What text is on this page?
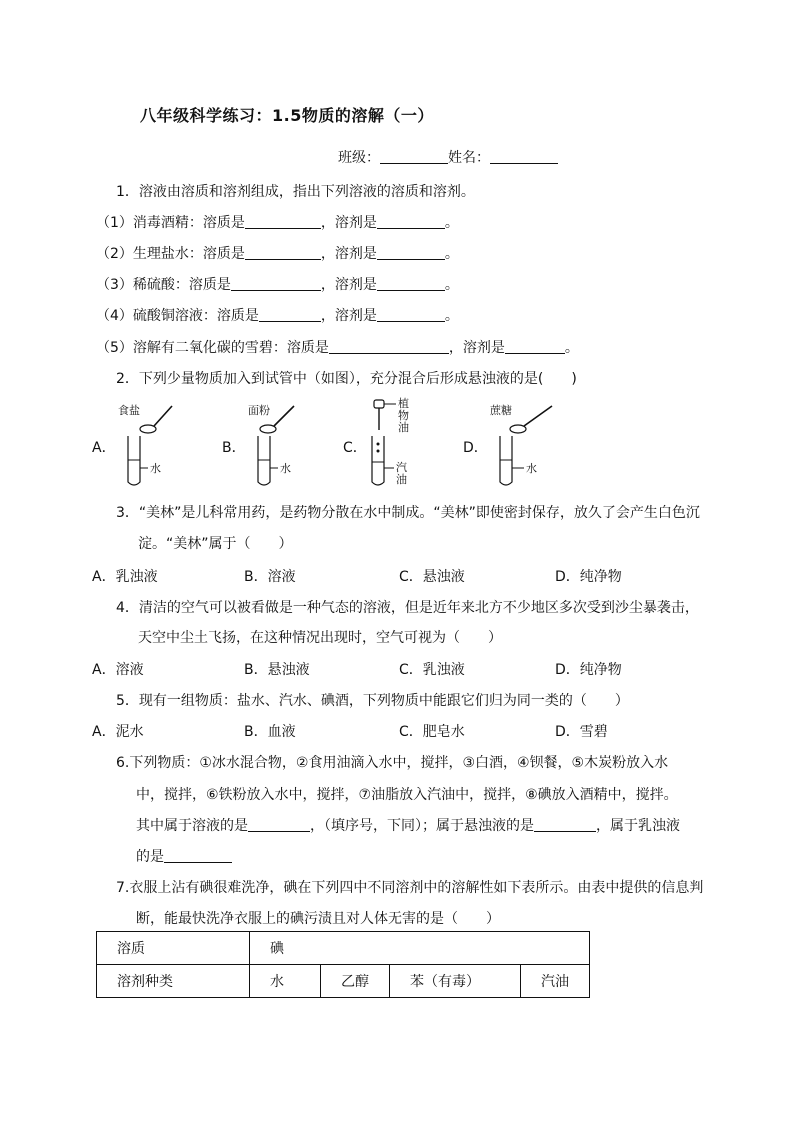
八年级科学练习：1.5物质的溶解（一）
班级：	姓名：
1．溶液由溶质和溶剂组成，指出下列溶液的溶质和溶剂。
（1）消毒酒精：溶质是	，溶剂是	。
（2）生理盐水：溶质是	，溶剂是	。
（3）稀硫酸：溶质是	，溶剂是	。
（4）硫酸铜溶液：溶质是	，溶剂是	。
（5）溶解有二氧化碳的雪碧：溶质是	，溶剂是	。
2．下列少量物质加入到试管中（如图），充分混合后形成悬浊液的是(　　)
A．
食盐
水
B．
面粉
水
C．
植物油
汽油
D．
蔗糖
水
3．“美林”是儿科常用药，是药物分散在水中制成。“美林”即使密封保存，放久了会产生白色沉
淀。“美林”属于（　　）
A．乳浊液	B．溶液	C．悬浊液	D．纯净物
4．清洁的空气可以被看做是一种气态的溶液，但是近年来北方不少地区多次受到沙尘暴袭击，
天空中尘土飞扬，在这种情况出现时，空气可视为（　　）
A．溶液	B．悬浊液	C．乳浊液	D．纯净物
5．现有一组物质：盐水、汽水、碘酒，下列物质中能跟它们归为同一类的（　　）
A．泥水	B．血液	C．肥皂水	D．雪碧
6.下列物质：①冰水混合物，②食用油滴入水中，搅拌，③白酒，④钡餐，⑤木炭粉放入水
中，搅拌，⑥铁粉放入水中，搅拌，⑦油脂放入汽油中，搅拌，⑧碘放入酒精中，搅拌。
其中属于溶液的是	，（填序号，下同）；属于悬浊液的是	，属于乳浊液
的是
7.衣服上沾有碘很难洗净，碘在下列四中不同溶剂中的溶解性如下表所示。由表中提供的信息判
断，能最快洗净衣服上的碘污渍且对人体无害的是（　　）
溶质	碘			
溶剂种类	水	乙醇	苯（有毒）	汽油
